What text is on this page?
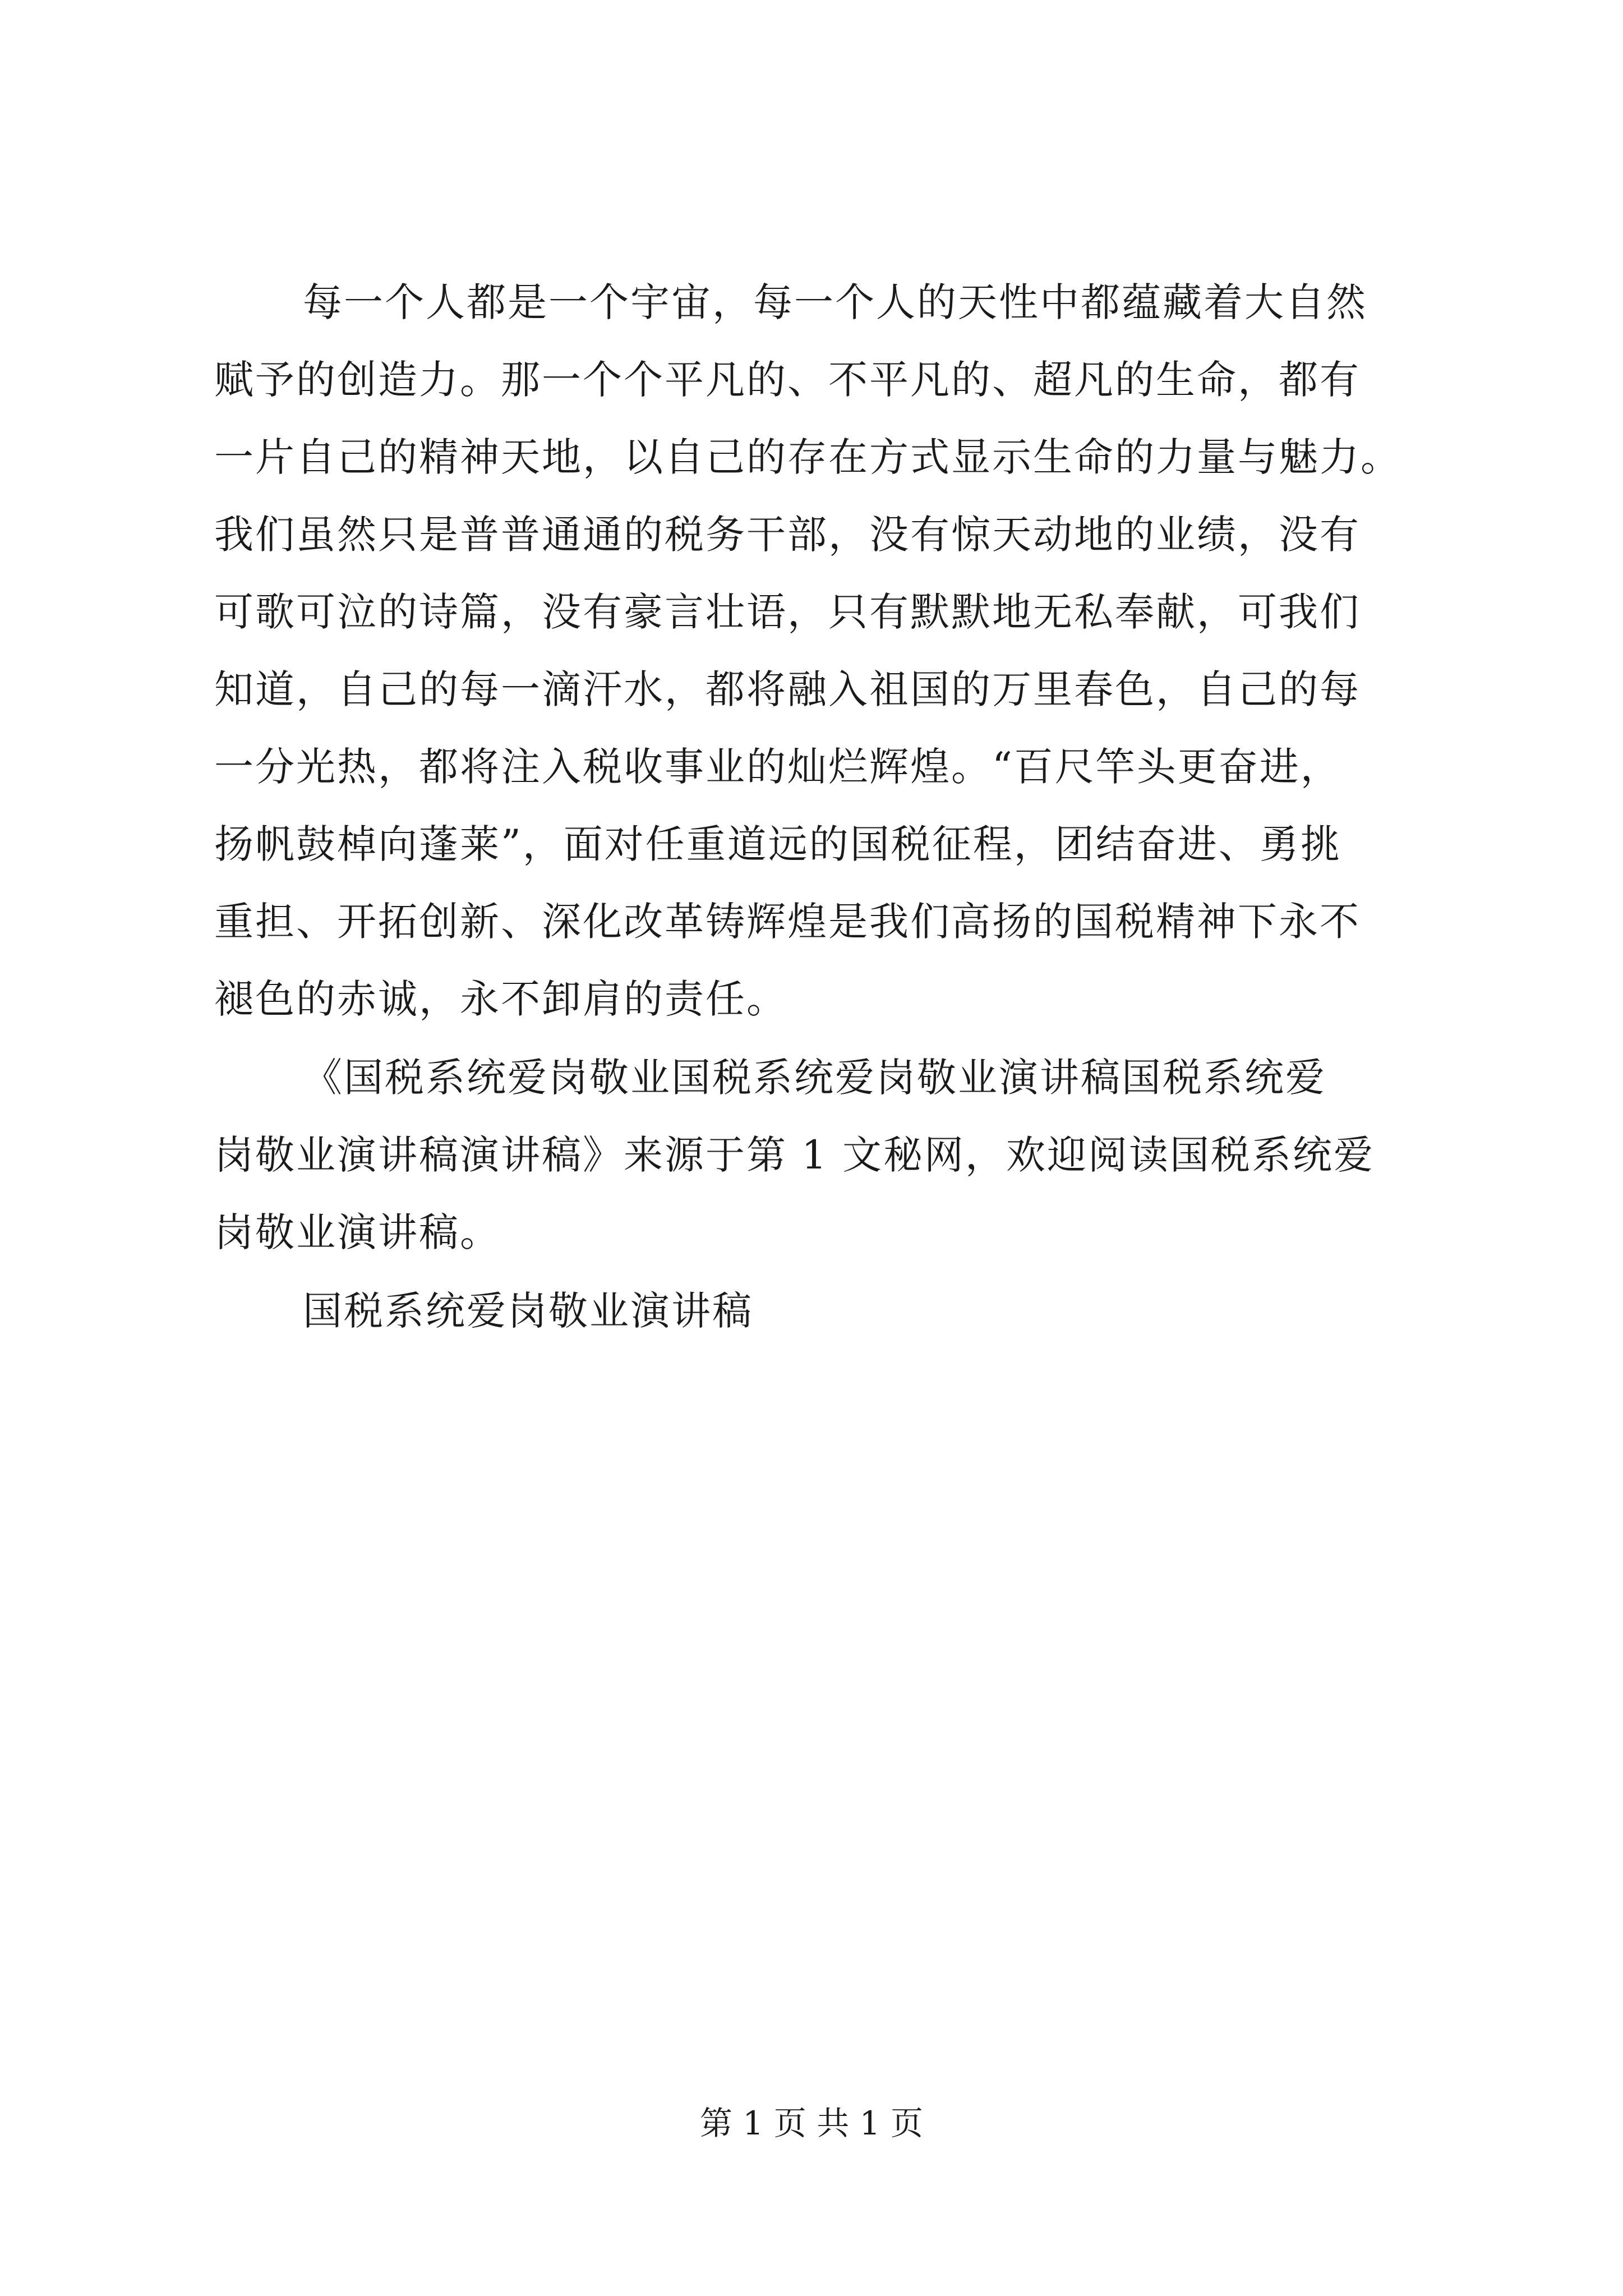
每一个人都是一个宇宙，每一个人的天性中都蕴藏着大自然
赋予的创造力。那一个个平凡的、不平凡的、超凡的生命，都有
一片自己的精神天地，以自己的存在方式显示生命的力量与魅力。
我们虽然只是普普通通的税务干部，没有惊天动地的业绩，没有
可歌可泣的诗篇，没有豪言壮语，只有默默地无私奉献，可我们
知道，自己的每一滴汗水，都将融入祖国的万里春色，自己的每
一分光热，都将注入税收事业的灿烂辉煌。“百尺竿头更奋进，
扬帆鼓棹向蓬莱”，面对任重道远的国税征程，团结奋进、勇挑
重担、开拓创新、深化改革铸辉煌是我们高扬的国税精神下永不
褪色的赤诚，永不卸肩的责任。
《国税系统爱岗敬业国税系统爱岗敬业演讲稿国税系统爱
岗敬业演讲稿演讲稿》来源于第 1 文秘网，欢迎阅读国税系统爱
岗敬业演讲稿。
国税系统爱岗敬业演讲稿
第 1 页 共 1 页
